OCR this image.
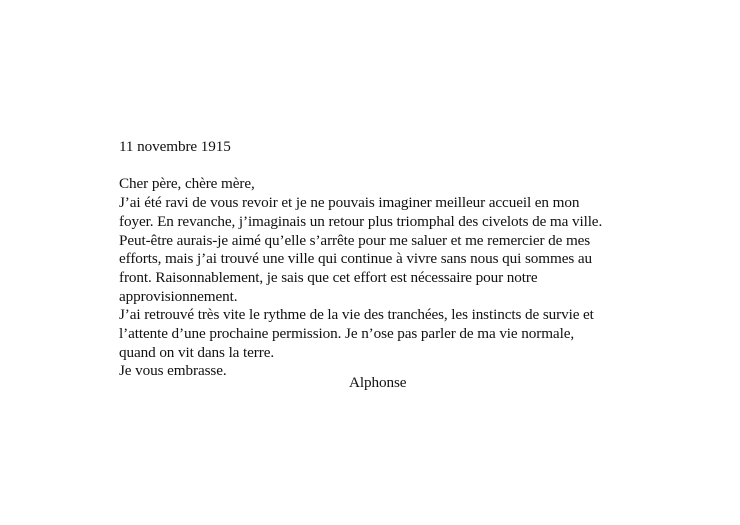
11 novembre 1915
Cher père, chère mère,
J’ai été ravi de vous revoir et je ne pouvais imaginer meilleur accueil en mon
foyer. En revanche, j’imaginais un retour plus triomphal des civelots de ma ville.
Peut-être aurais-je aimé qu’elle s’arrête pour me saluer et me remercier de mes
efforts, mais j’ai trouvé une ville qui continue à vivre sans nous qui sommes au
front. Raisonnablement, je sais que cet effort est nécessaire pour notre
approvisionnement.
J’ai retrouvé très vite le rythme de la vie des tranchées, les instincts de survie et
l’attente d’une prochaine permission. Je n’ose pas parler de ma vie normale,
quand on vit dans la terre.
Je vous embrasse.
Alphonse
